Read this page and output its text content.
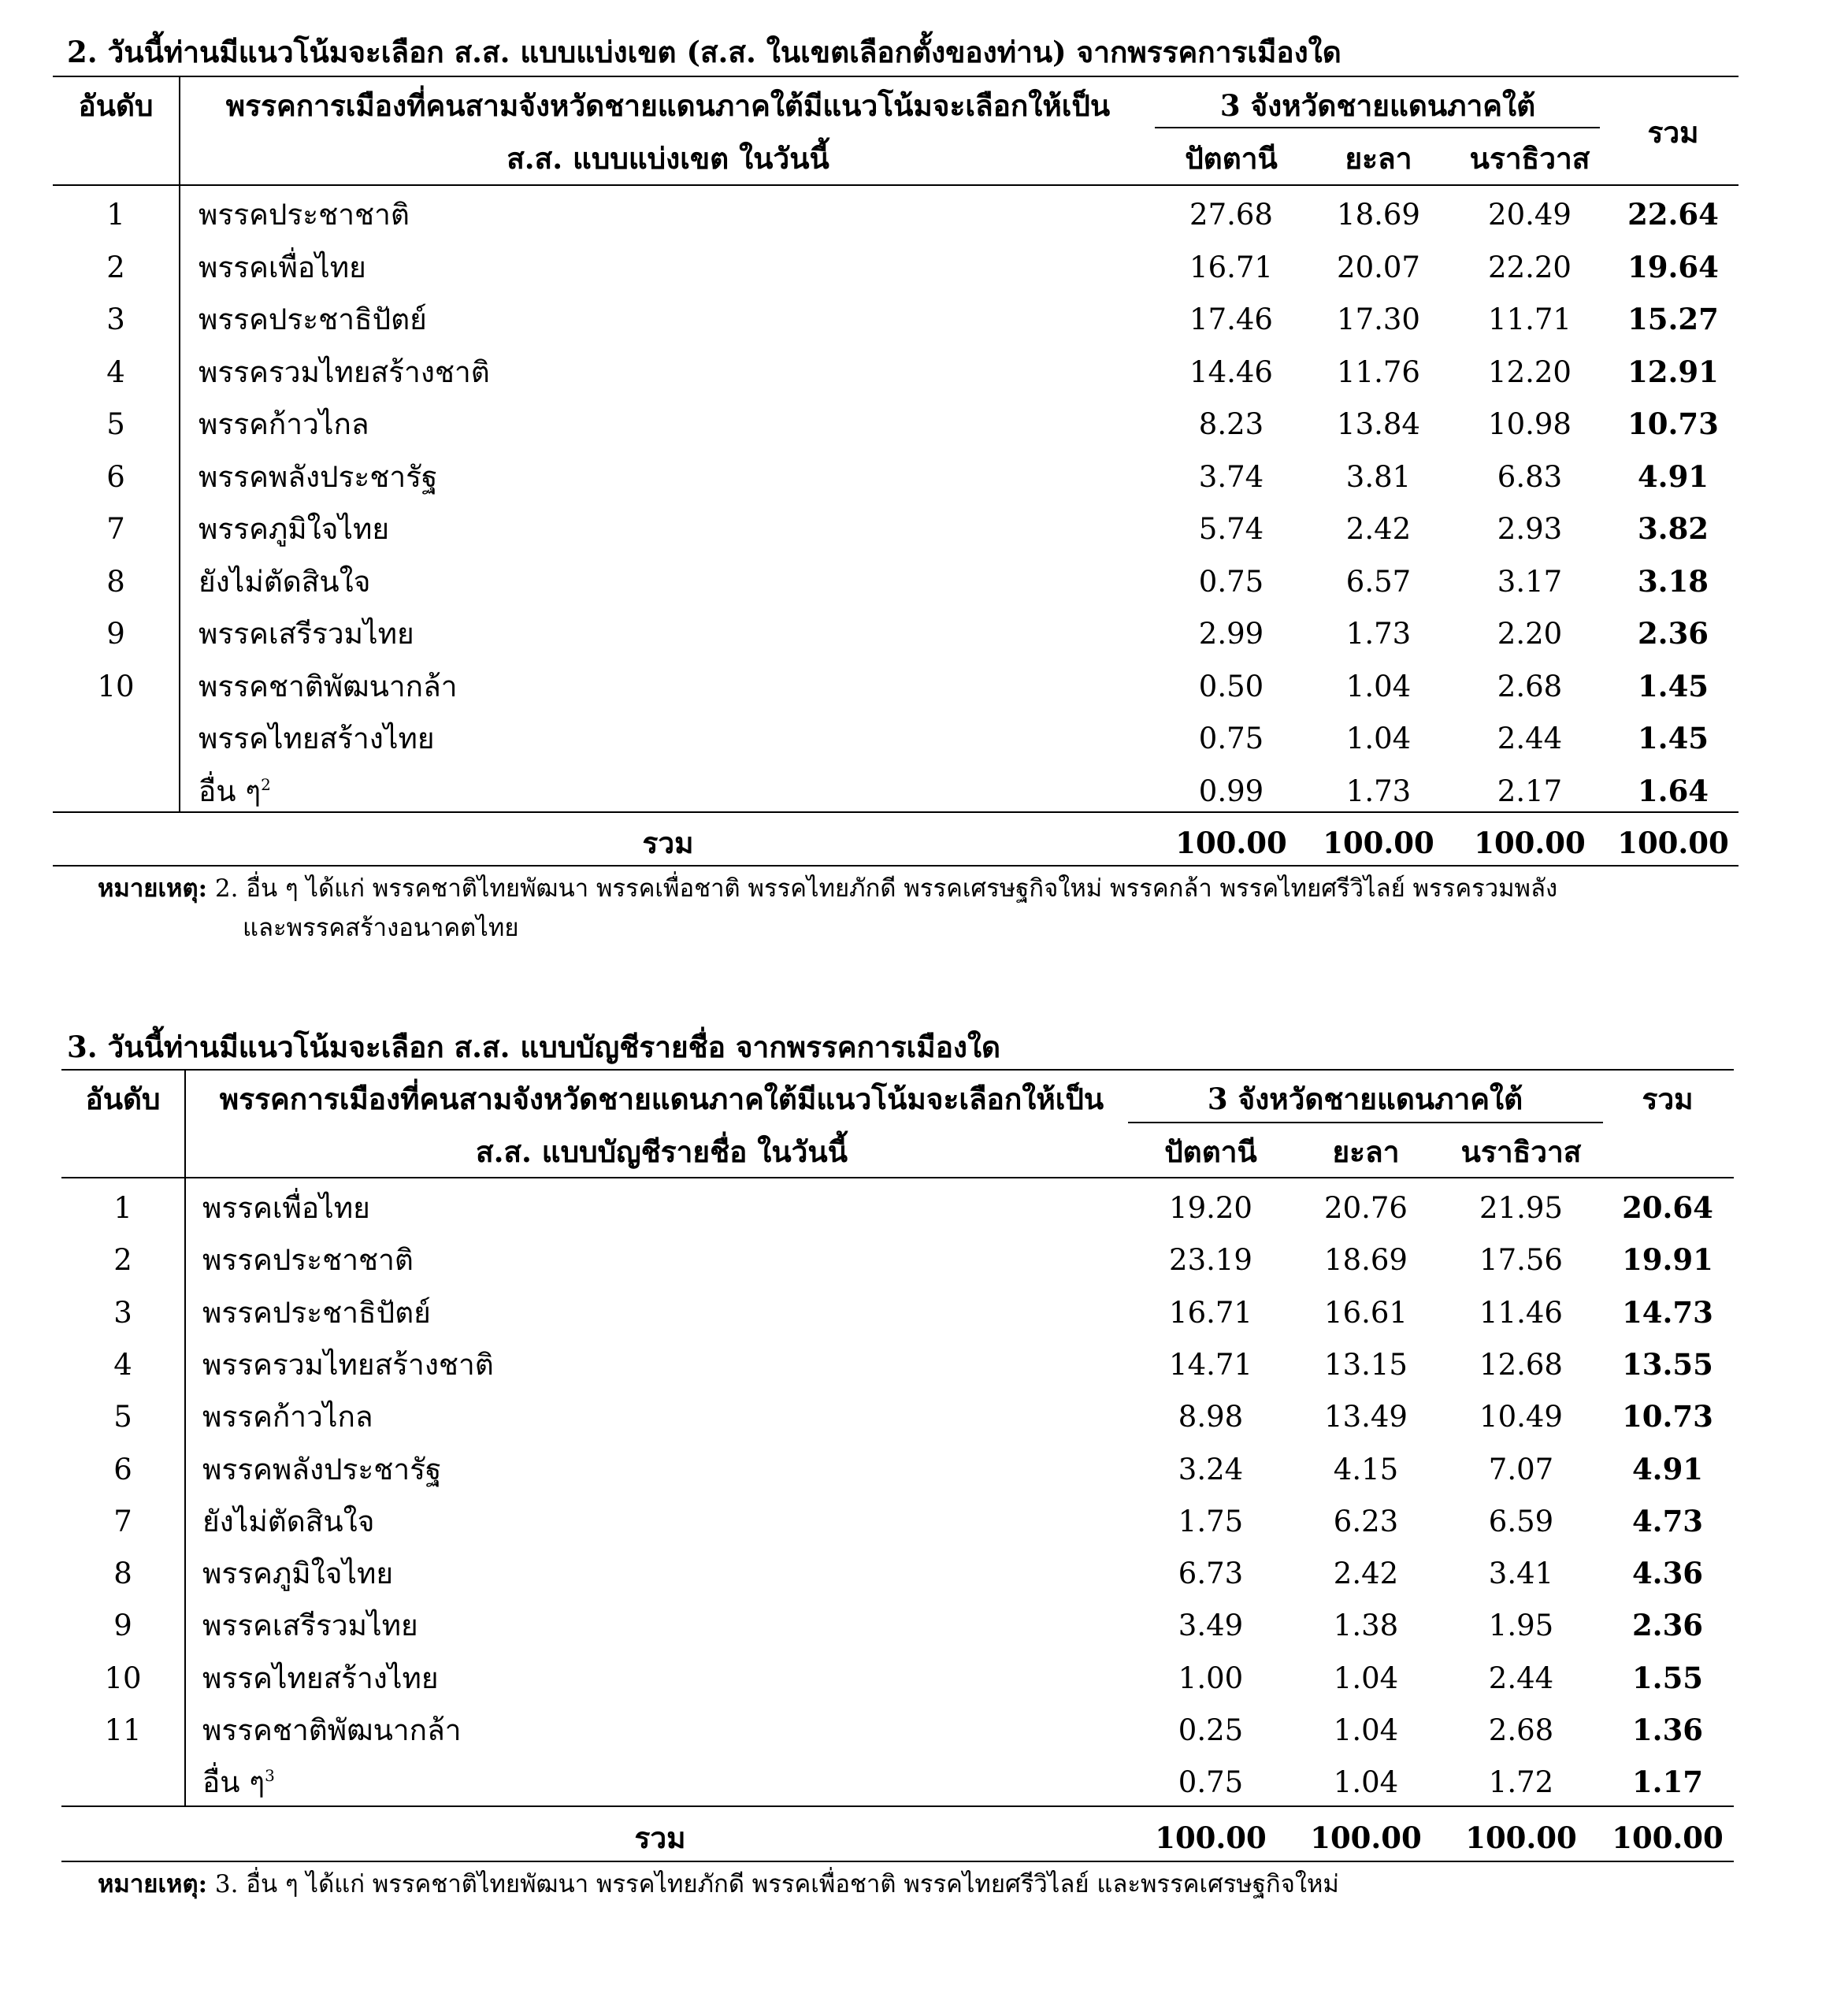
2. วันนี้ท่านมีแนวโน้มจะเลือก ส.ส. แบบแบ่งเขต (ส.ส. ในเขตเลือกตั้งของท่าน) จากพรรคการเมืองใด
อันดับ พรรคการเมืองที่คนสามจังหวัดชายแดนภาคใต้มีแนวโน้มจะเลือกให้เป็น
ส.ส. แบบแบ่งเขต ในวันนี้
3 จังหวัดชายแดนภาคใต้
ปัตตานี ยะลา นราธิวาส
รวม
1	พรรคประชาชาติ	27.68 18.69 20.49 22.64
2	พรรคเพื่อไทย	16.71 20.07 22.20 19.64
3	พรรคประชาธิปัตย์	17.46 17.30 11.71 15.27
4	พรรครวมไทยสร้างชาติ	14.46 11.76 12.20 12.91
5	พรรคก้าวไกล	8.23	13.84 10.98 10.73
6	พรรคพลังประชารัฐ	3.74	3.81	6.83	4.91
7	พรรคภูมิใจไทย	5.74	2.42	2.93	3.82
8	ยังไม่ตัดสินใจ	0.75	6.57	3.17	3.18
9	พรรคเสรีรวมไทย	2.99	1.73	2.20	2.36
10 พรรคชาติพัฒนากล้า	0.50	1.04	2.68	1.45
พรรคไทยสร้างไทย	0.75	1.04	2.44	1.45
อื่น ๆ$^2$	0.99	1.73	2.17	1.64
รวม	100.00 100.00 100.00 100.00
หมายเหตุ: 2. อื่น ๆ ได้แก่ พรรคชาติไทยพัฒนา พรรคเพื่อชาติ พรรคไทยภักดี พรรคเศรษฐกิจใหม่ พรรคกล้า พรรคไทยศรีวิไลย์ พรรครวมพลัง
และพรรคสร้างอนาคตไทย
3. วันนี้ท่านมีแนวโน้มจะเลือก ส.ส. แบบบัญชีรายชื่อ จากพรรคการเมืองใด
อันดับ พรรคการเมืองที่คนสามจังหวัดชายแดนภาคใต้มีแนวโน้มจะเลือกให้เป็น
ส.ส. แบบบัญชีรายชื่อ ในวันนี้
3 จังหวัดชายแดนภาคใต้
ปัตตานี	ยะลา นราธิวาส
รวม
1 พรรคเพื่อไทย	19.20 20.76 21.95 20.64
2 พรรคประชาชาติ	23.19 18.69 17.56 19.91
3 พรรคประชาธิปัตย์	16.71 16.61 11.46 14.73
4 พรรครวมไทยสร้างชาติ	14.71 13.15 12.68 13.55
5 พรรคก้าวไกล	8.98	13.49 10.49 10.73
6 พรรคพลังประชารัฐ	3.24	4.15	7.07	4.91
7 ยังไม่ตัดสินใจ	1.75	6.23	6.59	4.73
8 พรรคภูมิใจไทย	6.73	2.42	3.41	4.36
9 พรรคเสรีรวมไทย	3.49	1.38	1.95	2.36
10 พรรคไทยสร้างไทย	1.00	1.04	2.44	1.55
11 พรรคชาติพัฒนากล้า	0.25	1.04	2.68	1.36
อื่น ๆ$^3$	0.75	1.04	1.72	1.17
รวม	100.00 100.00 100.00 100.00
หมายเหตุ: 3. อื่น ๆ ได้แก่ พรรคชาติไทยพัฒนา พรรคไทยภักดี พรรคเพื่อชาติ พรรคไทยศรีวิไลย์ และพรรคเศรษฐกิจใหม่
